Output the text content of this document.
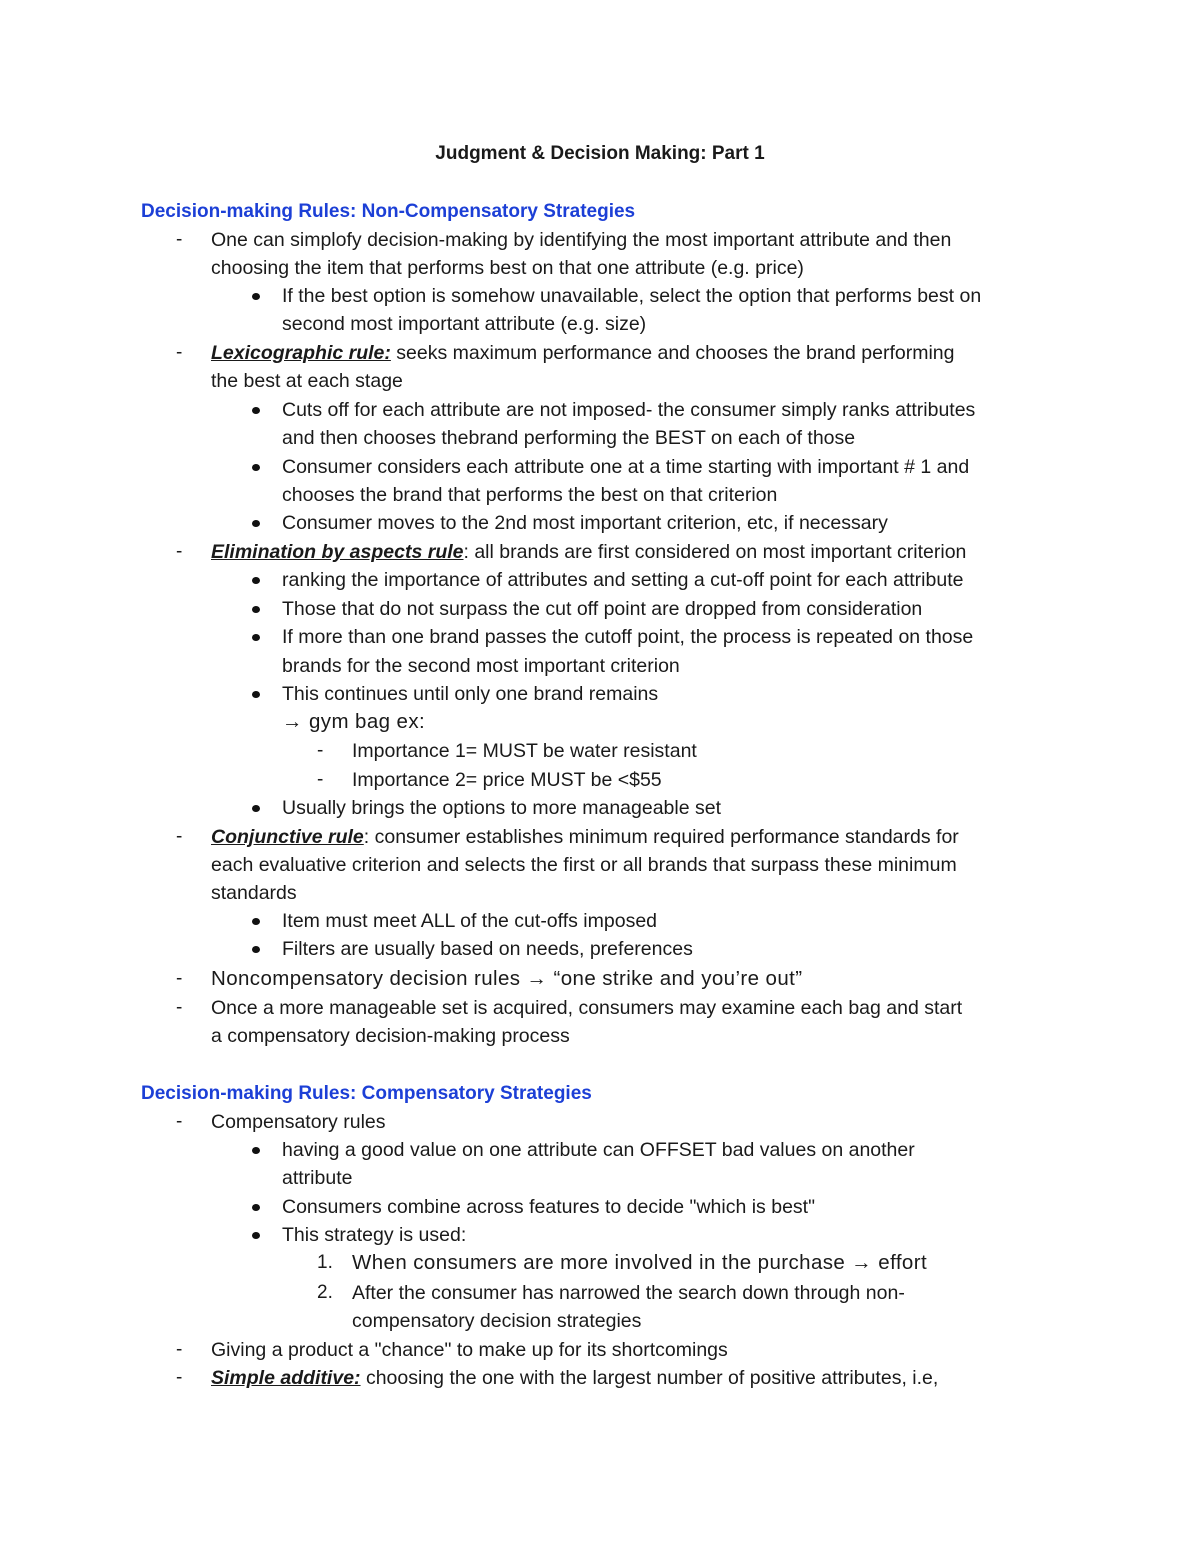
Judgment & Decision Making: Part 1
Decision-making Rules: Non-Compensatory Strategies
- One can simplofy decision-making by identifying the most important attribute and then
choosing the item that performs best on that one attribute (e.g. price)
If the best option is somehow unavailable, select the option that performs best on
second most important attribute (e.g. size)
- Lexicographic rule: seeks maximum performance and chooses the brand performing
the best at each stage
Cuts off for each attribute are not imposed- the consumer simply ranks attributes
and then chooses thebrand performing the BEST on each of those
Consumer considers each attribute one at a time starting with important # 1 and
chooses the brand that performs the best on that criterion
Consumer moves to the 2nd most important criterion, etc, if necessary
- Elimination by aspects rule: all brands are first considered on most important criterion
ranking the importance of attributes and setting a cut-off point for each attribute
Those that do not surpass the cut off point are dropped from consideration
If more than one brand passes the cutoff point, the process is repeated on those
brands for the second most important criterion
This continues until only one brand remains
→ gym bag ex:
- Importance 1= MUST be water resistant
- Importance 2= price MUST be <$55
Usually brings the options to more manageable set
- Conjunctive rule: consumer establishes minimum required performance standards for
each evaluative criterion and selects the first or all brands that surpass these minimum
standards
Item must meet ALL of the cut-offs imposed
Filters are usually based on needs, preferences
- Noncompensatory decision rules → “one strike and you’re out”
- Once a more manageable set is acquired, consumers may examine each bag and start
a compensatory decision-making process
Decision-making Rules: Compensatory Strategies
- Compensatory rules
having a good value on one attribute can OFFSET bad values on another
attribute
Consumers combine across features to decide "which is best"
This strategy is used:
1. When consumers are more involved in the purchase → effort
2. After the consumer has narrowed the search down through non-
compensatory decision strategies
- Giving a product a "chance" to make up for its shortcomings
- Simple additive: choosing the one with the largest number of positive attributes, i.e,
